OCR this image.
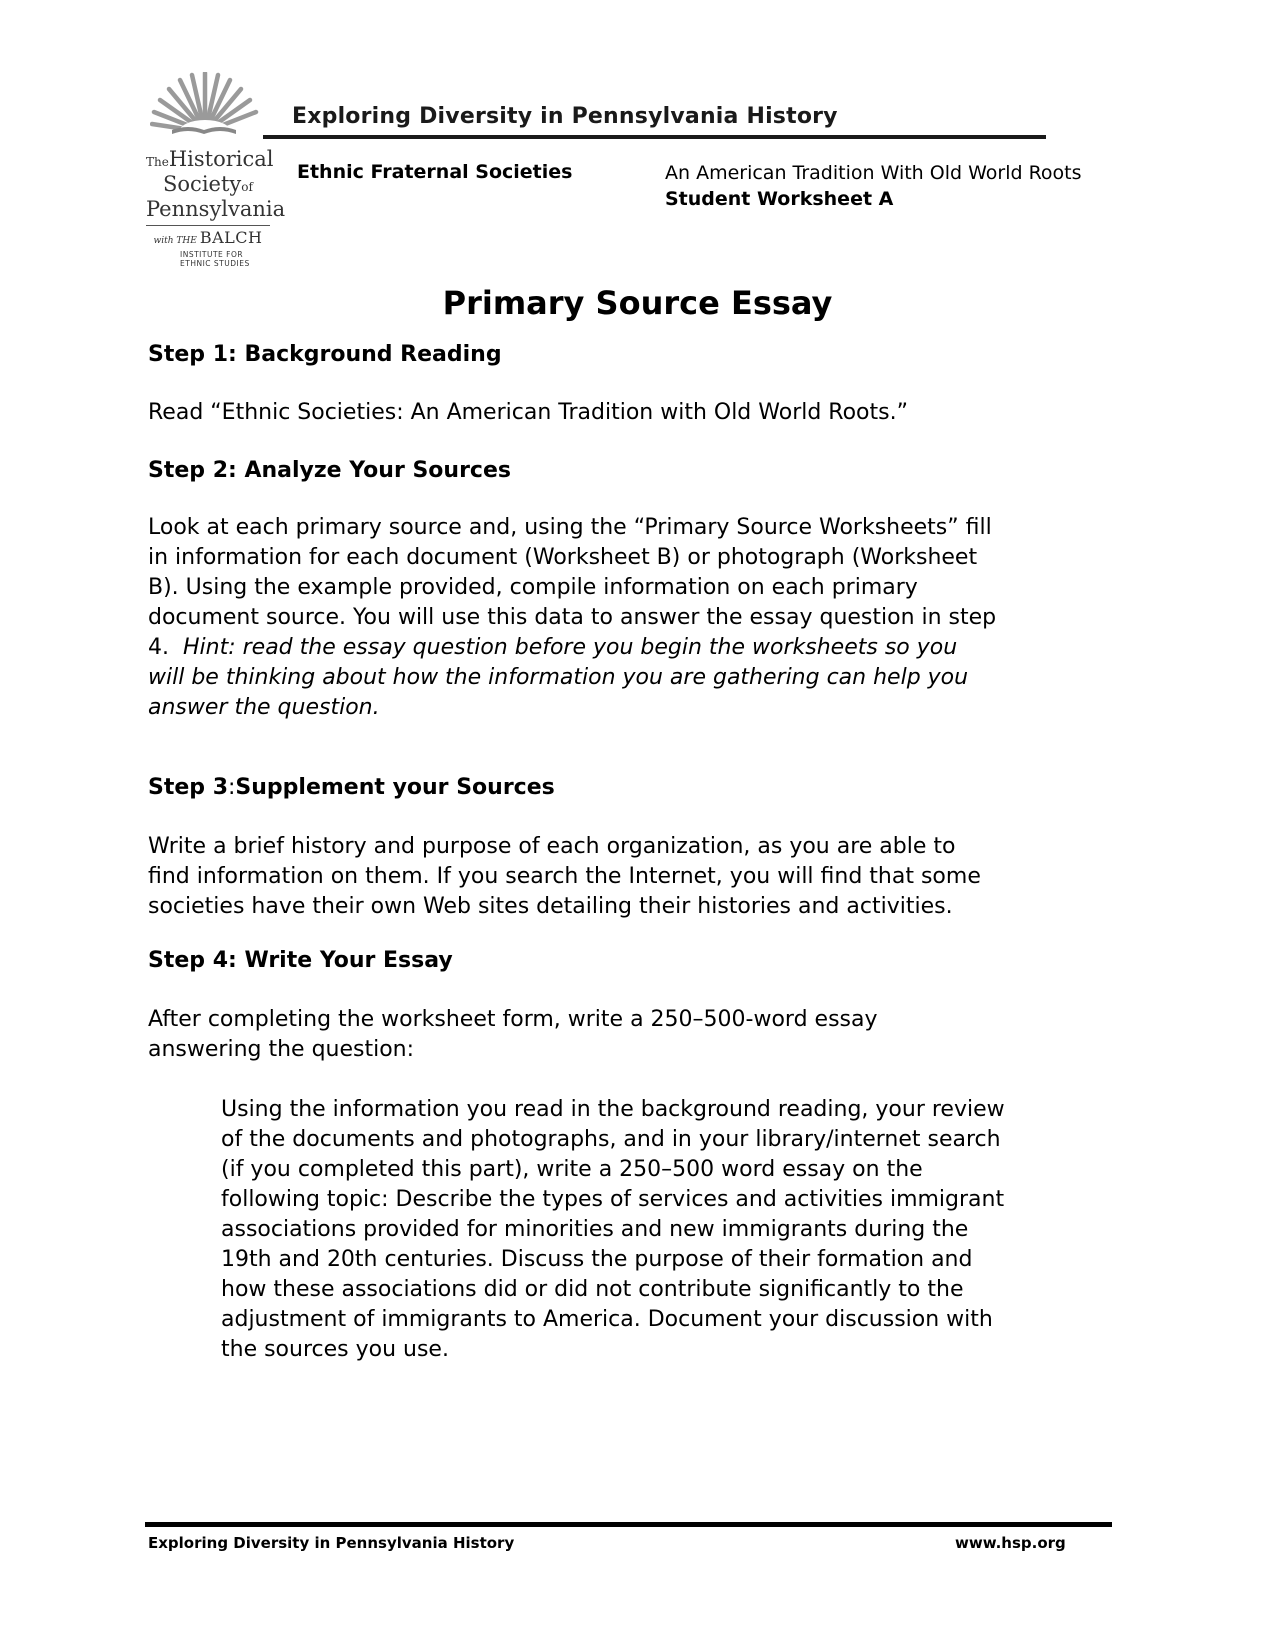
Exploring Diversity in Pennsylvania History
TheHistorical
Societyof
Pennsylvania
with THE BALCH
INSTITUTE FOR
ETHNIC STUDIES
Ethnic Fraternal Societies	An American Tradition With Old World Roots
Student Worksheet A
Primary Source Essay
Step 1: Background Reading
Read “Ethnic Societies: An American Tradition with Old World Roots.”
Step 2: Analyze Your Sources
Look at each primary source and, using the “Primary Source Worksheets” fill
in information for each document (Worksheet B) or photograph (Worksheet
B). Using the example provided, compile information on each primary
document source. You will use this data to answer the essay question in step
4.  Hint: read the essay question before you begin the worksheets so you
will be thinking about how the information you are gathering can help you
answer the question.
Step 3:Supplement your Sources
Write a brief history and purpose of each organization, as you are able to
find information on them. If you search the Internet, you will find that some
societies have their own Web sites detailing their histories and activities.
Step 4: Write Your Essay
After completing the worksheet form, write a 250–500-word essay
answering the question:
Using the information you read in the background reading, your review
of the documents and photographs, and in your library/internet search
(if you completed this part), write a 250–500 word essay on the
following topic: Describe the types of services and activities immigrant
associations provided for minorities and new immigrants during the
19th and 20th centuries. Discuss the purpose of their formation and
how these associations did or did not contribute significantly to the
adjustment of immigrants to America. Document your discussion with
the sources you use.
Exploring Diversity in Pennsylvania History	www.hsp.org
